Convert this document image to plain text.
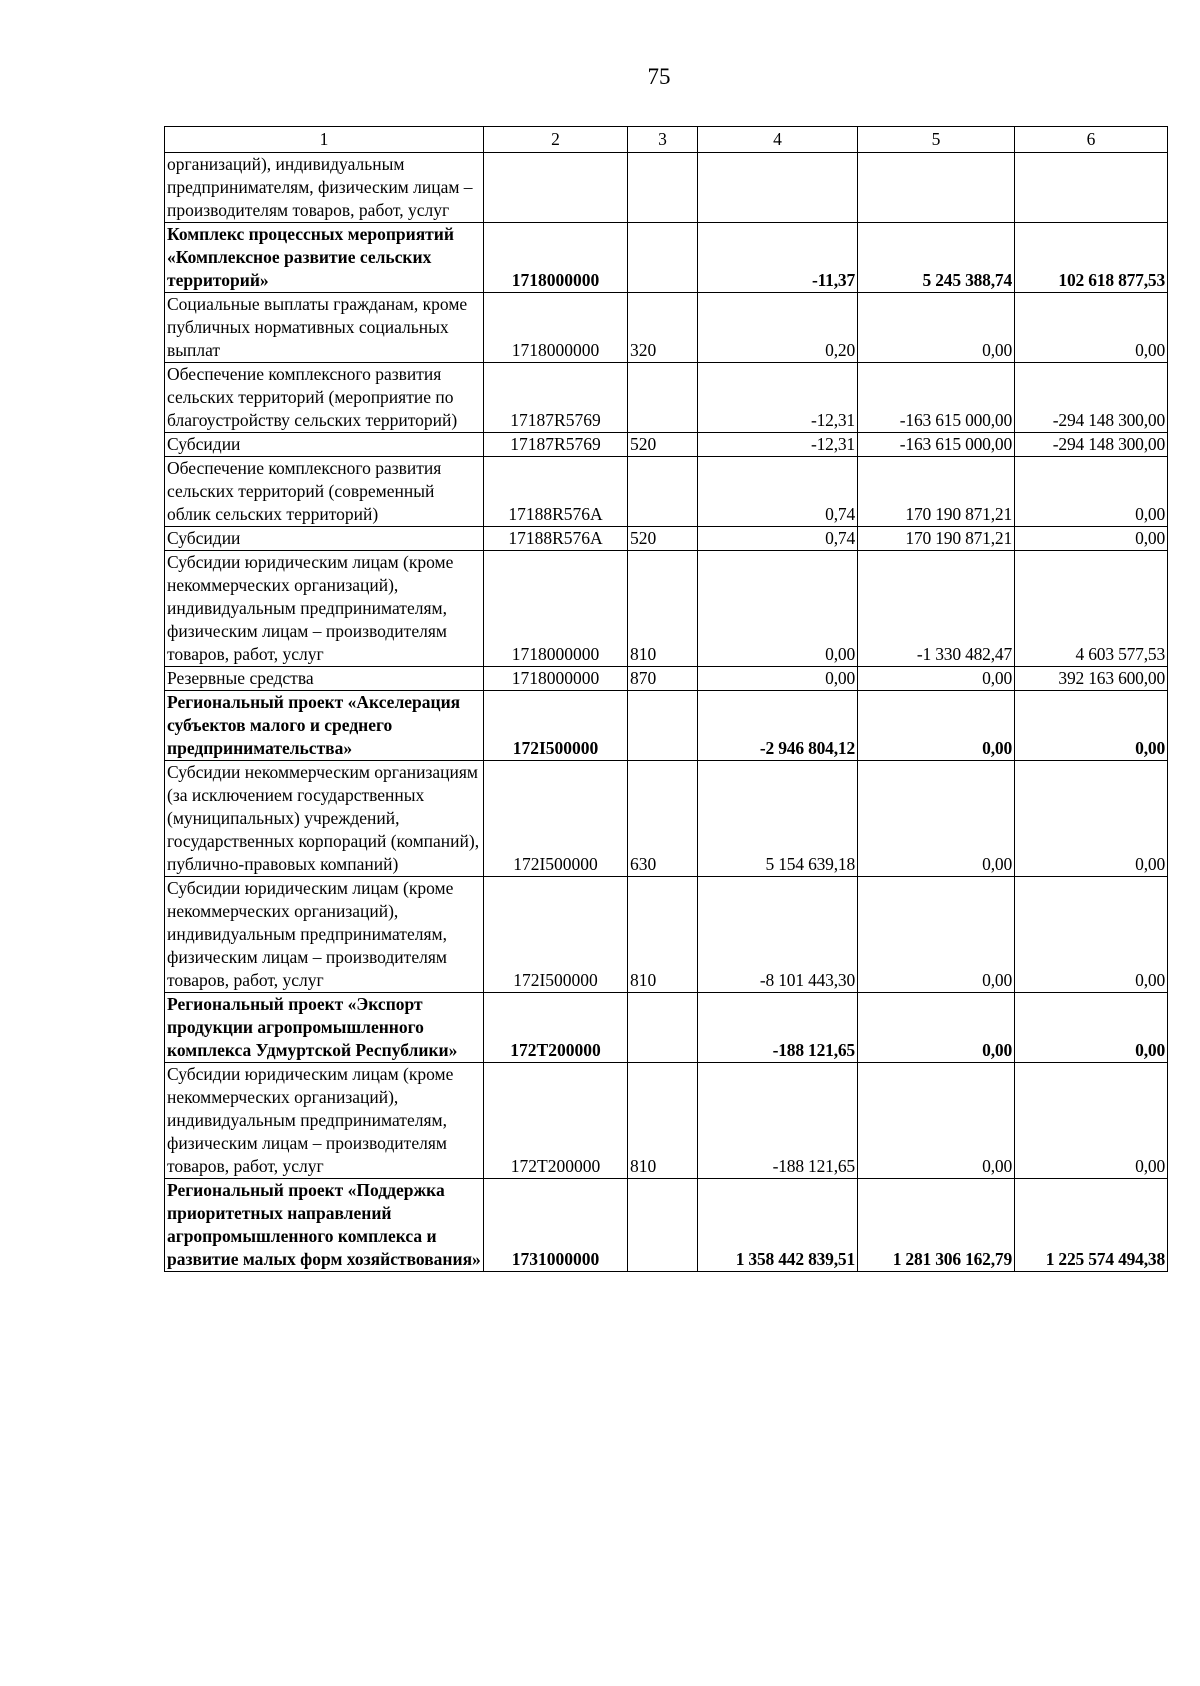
75
1	2	3	4	5	6
организаций), индивидуальным предпринимателям, физическим лицам – производителям товаров, работ, услуг					
Комплекс процессных мероприятий «Комплексное развитие сельских территорий»	1718000000		-11,37	5 245 388,74	102 618 877,53
Социальные выплаты гражданам, кроме публичных нормативных социальных выплат	1718000000	320	0,20	0,00	0,00
Обеспечение комплексного развития сельских территорий (мероприятие по благоустройству сельских территорий)	17187R5769		-12,31	-163 615 000,00	-294 148 300,00
Субсидии	17187R5769	520	-12,31	-163 615 000,00	-294 148 300,00
Обеспечение комплексного развития сельских территорий (современный облик сельских территорий)	17188R576A		0,74	170 190 871,21	0,00
Субсидии	17188R576A	520	0,74	170 190 871,21	0,00
Субсидии юридическим лицам (кроме некоммерческих организаций), индивидуальным предпринимателям, физическим лицам – производителям товаров, работ, услуг	1718000000	810	0,00	-1 330 482,47	4 603 577,53
Резервные средства	1718000000	870	0,00	0,00	392 163 600,00
Региональный проект «Акселерация субъектов малого и среднего предпринимательства»	172I500000		-2 946 804,12	0,00	0,00
Субсидии некоммерческим организациям (за исключением государственных (муниципальных) учреждений, государственных корпораций (компаний), публично-правовых компаний)	172I500000	630	5 154 639,18	0,00	0,00
Субсидии юридическим лицам (кроме некоммерческих организаций), индивидуальным предпринимателям, физическим лицам – производителям товаров, работ, услуг	172I500000	810	-8 101 443,30	0,00	0,00
Региональный проект «Экспорт продукции агропромышленного комплекса Удмуртской Республики»	172T200000		-188 121,65	0,00	0,00
Субсидии юридическим лицам (кроме некоммерческих организаций), индивидуальным предпринимателям, физическим лицам – производителям товаров, работ, услуг	172T200000	810	-188 121,65	0,00	0,00
Региональный проект «Поддержка приоритетных направлений агропромышленного комплекса и развитие малых форм хозяйствования»	1731000000		1 358 442 839,51	1 281 306 162,79	1 225 574 494,38
